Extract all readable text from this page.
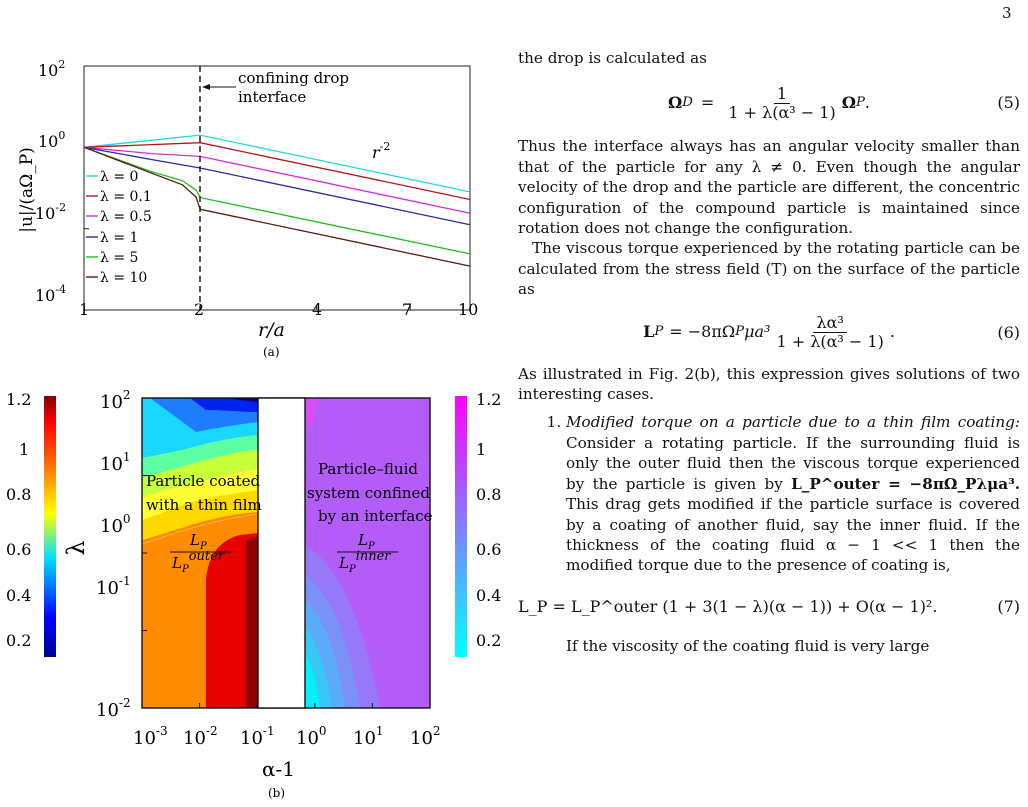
3
confining drop
interface
$r^{-2}$
$10^2$
$10^0$
$10^{-2}$
$10^{-4}$
1	2	4	7	10
r/a
|u|/(aΩ_P)	λ = 0
λ = 0.1
λ = 0.5
λ = 1
λ = 5
λ = 10
(a)
1.2
1
0.8
0.6
0.4
0.2
Particle coated
with a thin film
$L_P$
$L_Pouter$
Particle–fluid
system confined
by an interface
$L_P$
$L_Pinner$
1.2
1
0.8
0.6
0.4
0.2
$10^2$
$10^1$
$10^0$
$10^{-1}$
$10^{-2}$
λ
$10^{-3}$ $10^{-2}$ $10^{-1}$ $10^0$ $10^1$ $10^2$
α-1
(b)

the drop is calculated as

Ω $D = \frac{1}{\text{1 + λ(α³ − 1)}}$ Ω P .	(5)

Thus the interface always has an angular velocity smaller than that of the particle for any λ ≠ 0. Even though the angular velocity of the drop and the particle are different, the concentric configuration of the compound particle is maintained since rotation does not change the configuration.

The viscous torque experienced by the rotating particle can be calculated from the stress field (T) on the surface of the particle as

L P = −8πΩ P $\mu a^3 \frac{\text{λα³}}{\text{1 + λ(α³ − 1)}}$ .	(6)

As illustrated in Fig. 2(b), this expression gives solutions of two interesting cases.

1. Modified torque on a particle due to a thin film coating: Consider a rotating particle. If the surrounding fluid is only the outer fluid then the viscous torque experienced by the particle is given by L_P^outer = −8πΩ_Pλμa³. This drag gets modified if the particle surface is covered by a coating of another fluid, say the inner fluid. If the thickness of the coating fluid α − 1 << 1 then the modified torque due to the presence of coating is,
L_P = L_P^outer (1 + 3(1 − λ)(α − 1)) + O(α − 1)².	(7)

If the viscosity of the coating fluid is very large
